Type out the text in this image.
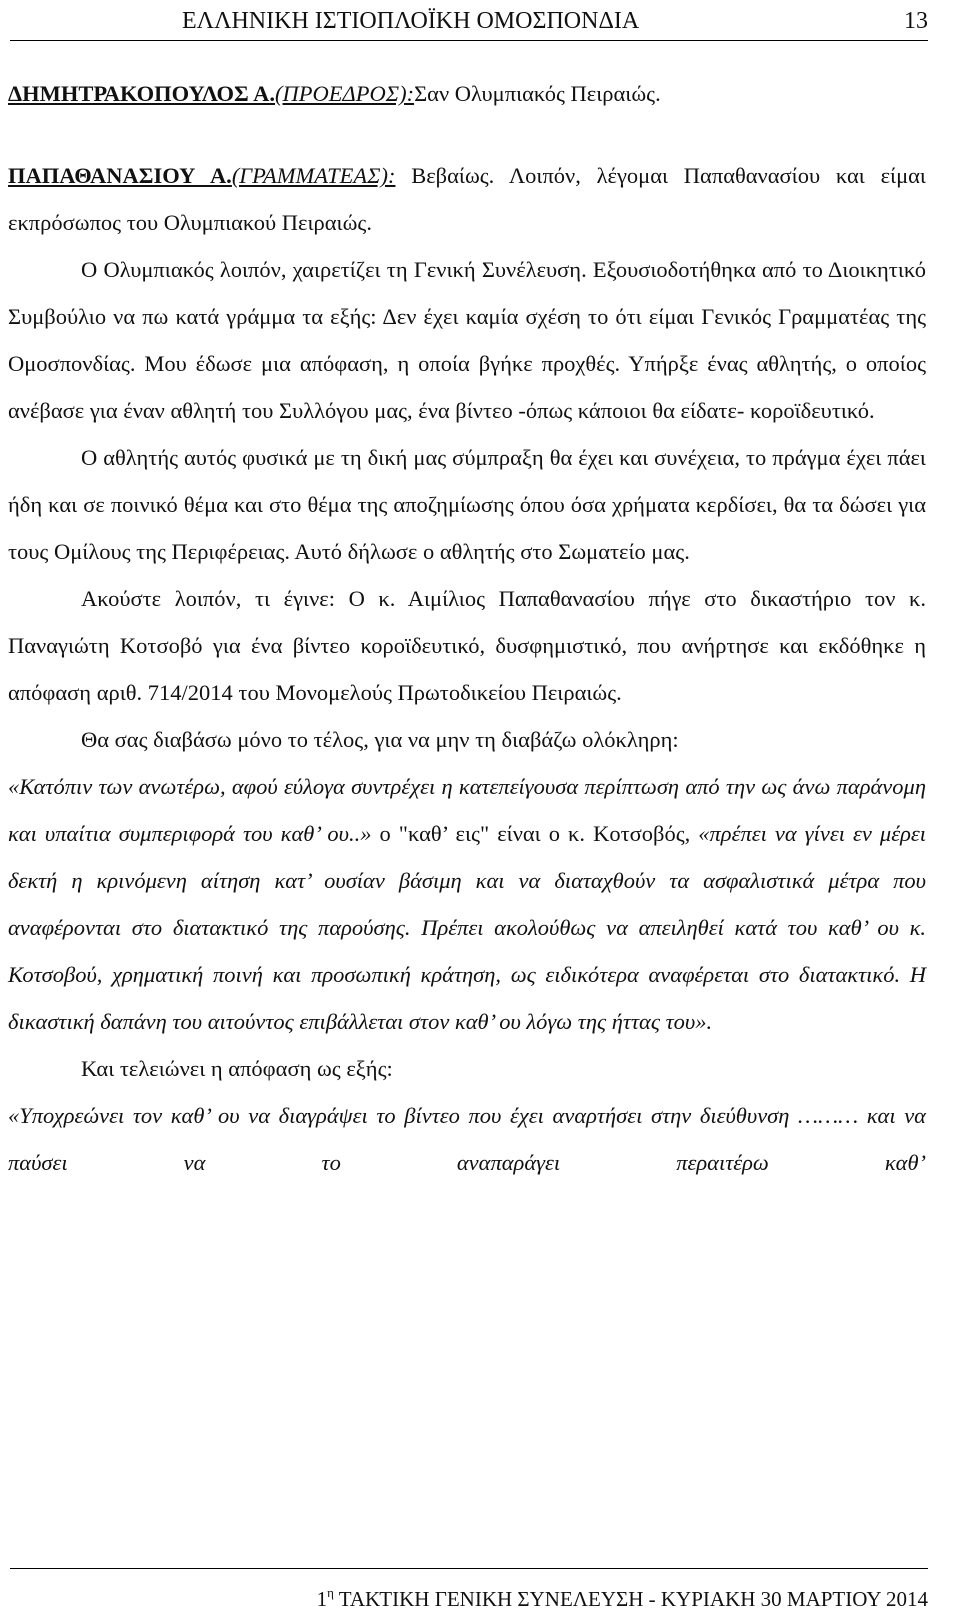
ΕΛΛΗΝΙΚΗ ΙΣΤΙΟΠΛΟΪΚΗ ΟΜΟΣΠΟΝΔΙΑ	13

ΔΗΜΗΤΡΑΚΟΠΟΥΛΟΣ Α.(ΠΡΟΕΔΡΟΣ):Σαν Ολυμπιακός Πειραιώς.

ΠΑΠΑΘΑΝΑΣΙΟΥ Α.(ΓΡΑΜΜΑΤΕΑΣ): Βεβαίως. Λοιπόν, λέγομαι Παπαθανασίου και είμαι εκπρόσωπος του Ολυμπιακού Πειραιώς.

Ο Ολυμπιακός λοιπόν, χαιρετίζει τη Γενική Συνέλευση. Εξουσιοδοτήθηκα από το Διοικητικό Συμβούλιο να πω κατά γράμμα τα εξής: Δεν έχει καμία σχέση το ότι είμαι Γενικός Γραμματέας της Ομοσπονδίας. Μου έδωσε μια απόφαση, η οποία βγήκε προχθές. Υπήρξε ένας αθλητής, ο οποίος ανέβασε για έναν αθλητή του Συλλόγου μας, ένα βίντεο -όπως κάποιοι θα είδατε- κοροϊδευτικό.

Ο αθλητής αυτός φυσικά με τη δική μας σύμπραξη θα έχει και συνέχεια, το πράγμα έχει πάει ήδη και σε ποινικό θέμα και στο θέμα της αποζημίωσης όπου όσα χρήματα κερδίσει, θα τα δώσει για τους Ομίλους της Περιφέρειας. Αυτό δήλωσε ο αθλητής στο Σωματείο μας.

Ακούστε λοιπόν, τι έγινε: Ο κ. Αιμίλιος Παπαθανασίου πήγε στο δικαστήριο τον κ. Παναγιώτη Κοτσοβό για ένα βίντεο κοροϊδευτικό, δυσφημιστικό, που ανήρτησε και εκδόθηκε η απόφαση αριθ. 714/2014 του Μονομελούς Πρωτοδικείου Πειραιώς.

Θα σας διαβάσω μόνο το τέλος, για να μην τη διαβάζω ολόκληρη:

«Κατόπιν των ανωτέρω, αφού εύλογα συντρέχει η κατεπείγουσα περίπτωση από την ως άνω παράνομη και υπαίτια συμπεριφορά του καθ’ ου..» ο "καθ’ εις" είναι ο κ. Κοτσοβός, «πρέπει να γίνει εν μέρει δεκτή η κρινόμενη αίτηση κατ’ ουσίαν βάσιμη και να διαταχθούν τα ασφαλιστικά μέτρα που αναφέρονται στο διατακτικό της παρούσης. Πρέπει ακολούθως να απειληθεί κατά του καθ’ ου κ. Κοτσοβού, χρηματική ποινή και προσωπική κράτηση, ως ειδικότερα αναφέρεται στο διατακτικό. Η δικαστική δαπάνη του αιτούντος επιβάλλεται στον καθ’ ου λόγω της ήττας του».

Και τελειώνει η απόφαση ως εξής:

«Υποχρεώνει τον καθ’ ου να διαγράψει το βίντεο που έχει αναρτήσει στην διεύθυνση ……… και να παύσει να το αναπαράγει περαιτέρω καθ’

$1^\eta$ ΤΑΚΤΙΚΗ ΓΕΝΙΚΗ ΣΥΝΕΛΕΥΣΗ - ΚΥΡΙΑΚΗ 30 ΜΑΡΤΙΟΥ 2014
